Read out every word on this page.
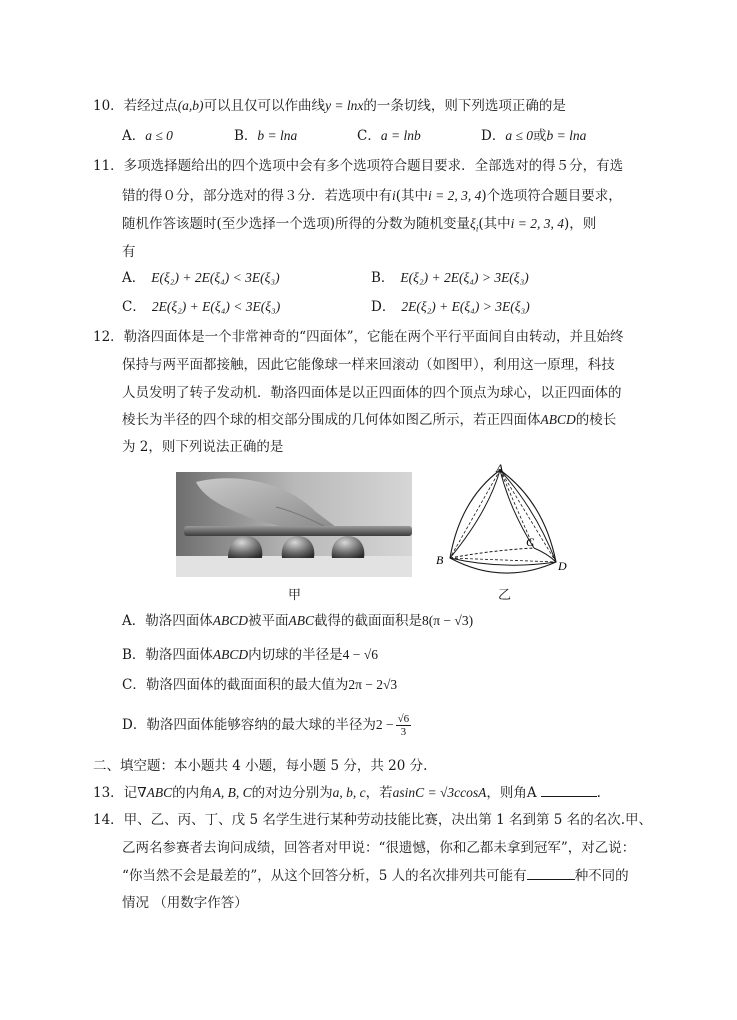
10．若经过点(a,b)可以且仅可以作曲线y = lnx的一条切线，则下列选项正确的是
A．a ≤ 0	B．b = lna	C．a = lnb	D．a ≤ 0或b = lna
11．多项选择题给出的四个选项中会有多个选项符合题目要求．全部选对的得５分，有选
错的得０分，部分选对的得３分．若选项中有i(其中i = 2, 3, 4)个选项符合题目要求，
随机作答该题时(至少选择一个选项)所得的分数为随机变量$\xi_i$(其中i = 2, 3, 4)，则
有
A． E(ξ₂) + 2E(ξ₄) < 3E(ξ₃)	B． E(ξ₂) + 2E(ξ₄) > 3E(ξ₃)
C． 2E(ξ₂) + E(ξ₄) < 3E(ξ₃)	D． 2E(ξ₂) + E(ξ₄) > 3E(ξ₃)
12．勒洛四面体是一个非常神奇的“四面体”，它能在两个平行平面间自由转动，并且始终
保持与两平面都接触，因此它能像球一样来回滚动（如图甲），利用这一原理，科技
人员发明了转子发动机．勒洛四面体是以正四面体的四个顶点为球心，以正四面体的
棱长为半径的四个球的相交部分围成的几何体如图乙所示，若正四面体ABCD的棱长
为 2，则下列说法正确的是
甲
A
B
C
D
乙
A．勒洛四面体ABCD被平面ABC截得的截面面积是8(π − √3)
B．勒洛四面体ABCD内切球的半径是4 − √6
C．勒洛四面体的截面面积的最大值为2π − 2√3
D．勒洛四面体能够容纳的最大球的半径为$2 - \frac{√6}{3}$
二、填空题：本小题共 4 小题，每小题 5 分，共 20 分.
13．记∇ABC的内角A, B, C的对边分别为a, b, c，若asinC = √3ccosA，则角A	.
14．甲、乙、丙、丁、戊 5 名学生进行某种劳动技能比赛，决出第 1 名到第 5 名的名次.甲、
乙两名参赛者去询问成绩，回答者对甲说：“很遗憾，你和乙都未拿到冠军”，对乙说：
“你当然不会是最差的”，从这个回答分析，5 人的名次排列共可能有	种不同的
情况 （用数字作答）
